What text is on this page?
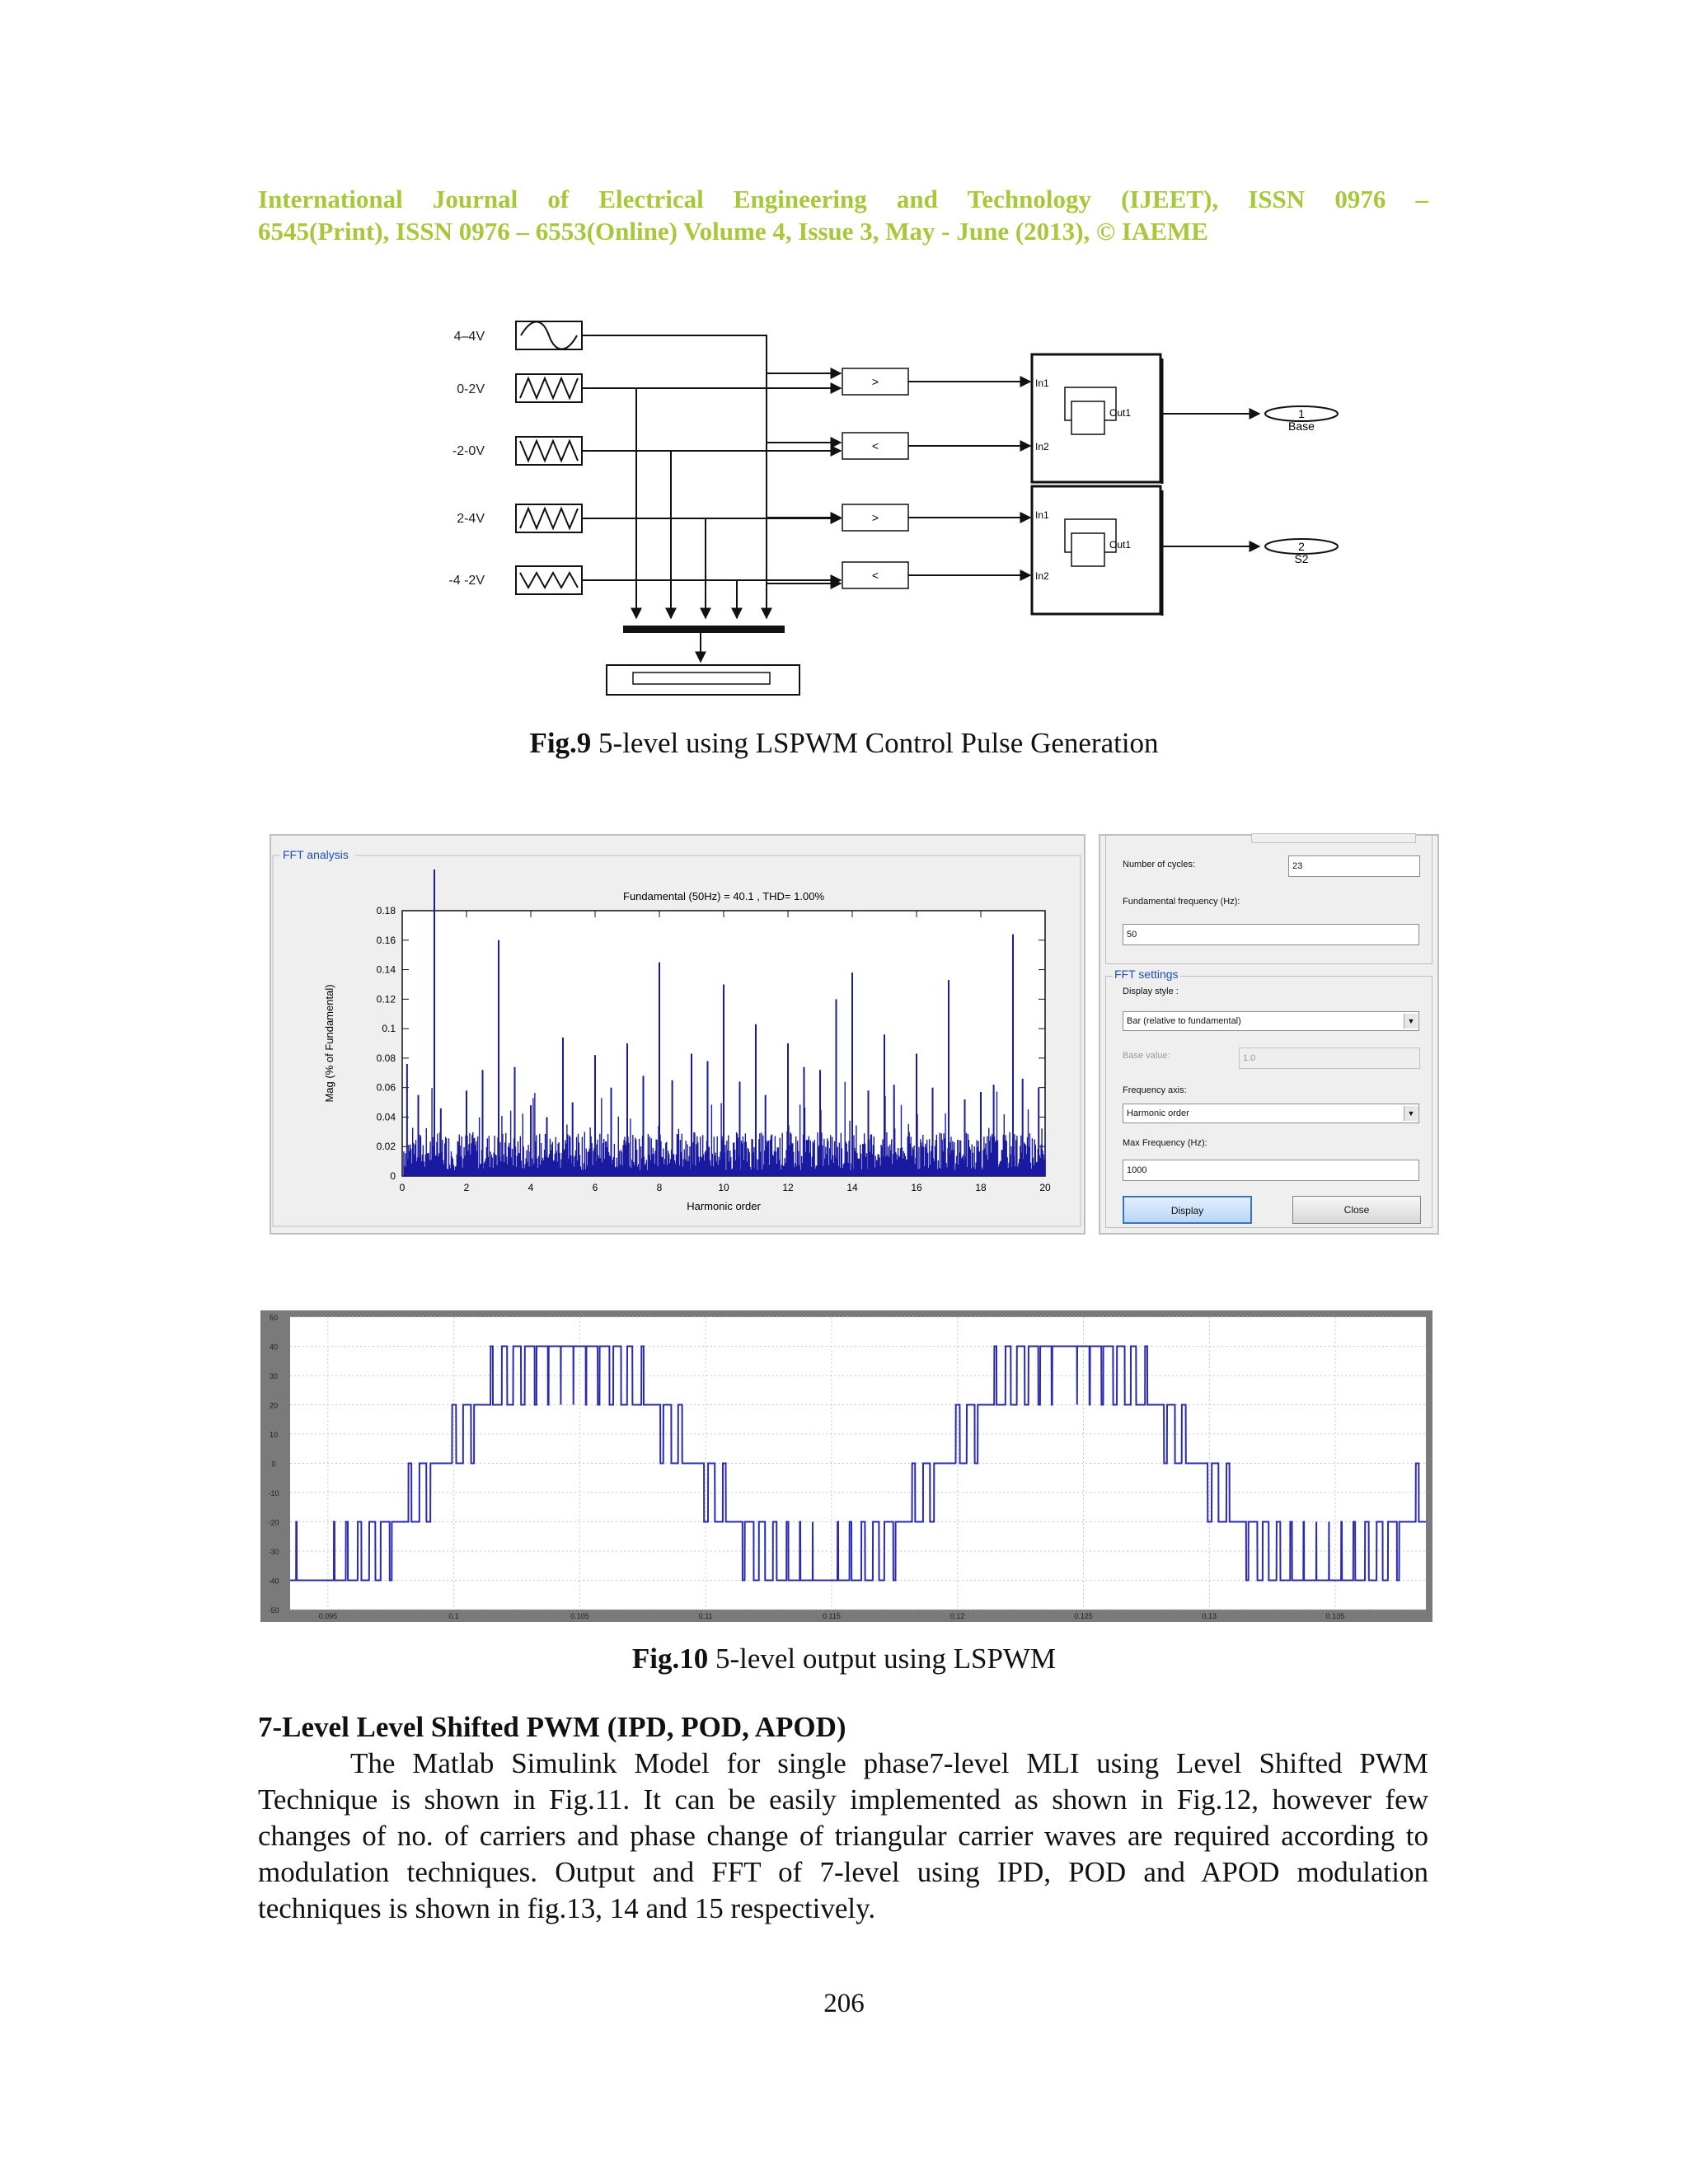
International Journal of Electrical Engineering and Technology (IJEET), ISSN 0976 –
6545(Print), ISSN 0976 – 6553(Online) Volume 4, Issue 3, May - June (2013), © IAEME
4–4V
0-2V
-2-0V
2-4V
-4 -2V
>
<
>
<
In1
In2
Out1
In1
In2
Out1
1
Base
2
S2
Fig.9 5-level using LSPWM Control Pulse Generation
FFT analysis
Fundamental (50Hz) = 40.1 , THD= 1.00%
Harmonic order
Mag (% of Fundamental)
0
0.02
0.04
0.06
0.08
0.1
0.12
0.14
0.16
0.18
0	2	4	6	8	10	12	14	16	18	20
Number of cycles:	23
Fundamental frequency (Hz):
50
FFT settings
Display style :
Bar (relative to fundamental)	▼
Base value:	1.0
Frequency axis:
Harmonic order	▼
Max Frequency (Hz):
1000
Display	Close
50
40
30
20
10
0
-10
-20
-30
-40
-50
0.095	0.1	0.105	0.11	0.115	0.12	0.125	0.13	0.135
Fig.10 5-level output using LSPWM
7-Level Level Shifted PWM (IPD, POD, APOD)
The Matlab Simulink Model for single phase7-level MLI using Level Shifted PWM Technique is shown in Fig.11. It can be easily implemented as shown in Fig.12, however few changes of no. of carriers and phase change of triangular carrier waves are required according to modulation techniques. Output and FFT of 7-level using IPD, POD and APOD modulation techniques is shown in fig.13, 14 and 15 respectively.
206
